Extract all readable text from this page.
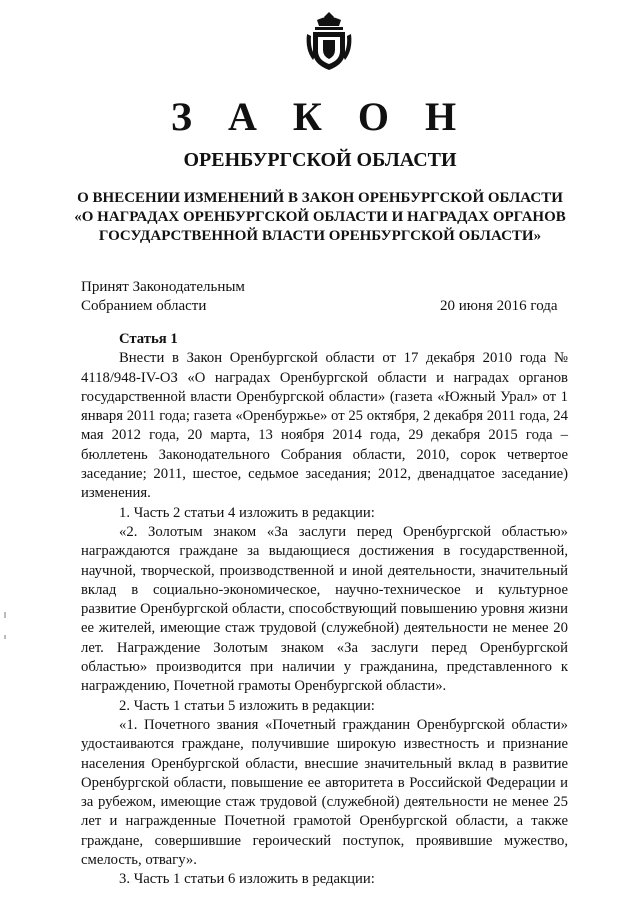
З А К О Н
ОРЕНБУРГСКОЙ ОБЛАСТИ
О ВНЕСЕНИИ ИЗМЕНЕНИЙ В ЗАКОН ОРЕНБУРГСКОЙ ОБЛАСТИ
«О НАГРАДАХ ОРЕНБУРГСКОЙ ОБЛАСТИ И НАГРАДАХ ОРГАНОВ
ГОСУДАРСТВЕННОЙ ВЛАСТИ ОРЕНБУРГСКОЙ ОБЛАСТИ»
Принят Законодательным
Собранием области	20 июня 2016 года

Статья 1

Внести в Закон Оренбургской области от 17 декабря 2010 года № 4118/948-IV-ОЗ «О наградах Оренбургской области и наградах органов государственной власти Оренбургской области» (газета «Южный Урал» от 1 января 2011 года; газета «Оренбуржье» от 25 октября, 2 декабря 2011 года, 24 мая 2012 года, 20 марта, 13 ноября 2014 года, 29 декабря 2015 года – бюллетень Законодательного Собрания области, 2010, сорок четвертое заседание; 2011, шестое, седьмое заседания; 2012, двенадцатое заседание) изменения.

1. Часть 2 статьи 4 изложить в редакции:

«2. Золотым знаком «За заслуги перед Оренбургской областью» награждаются граждане за выдающиеся достижения в государственной, научной, творческой, производственной и иной деятельности, значительный вклад в социально-экономическое, научно-техническое и культурное развитие Оренбургской области, способствующий повышению уровня жизни ее жителей, имеющие стаж трудовой (служебной) деятельности не менее 20 лет. Награждение Золотым знаком «За заслуги перед Оренбургской областью» производится при наличии у гражданина, представленного к награждению, Почетной грамоты Оренбургской области».

2. Часть 1 статьи 5 изложить в редакции:

«1. Почетного звания «Почетный гражданин Оренбургской области» удостаиваются граждане, получившие широкую известность и признание населения Оренбургской области, внесшие значительный вклад в развитие Оренбургской области, повышение ее авторитета в Российской Федерации и за рубежом, имеющие стаж трудовой (служебной) деятельности не менее 25 лет и награжденные Почетной грамотой Оренбургской области, а также граждане, совершившие героический поступок, проявившие мужество, смелость, отвагу».

3. Часть 1 статьи 6 изложить в редакции:
